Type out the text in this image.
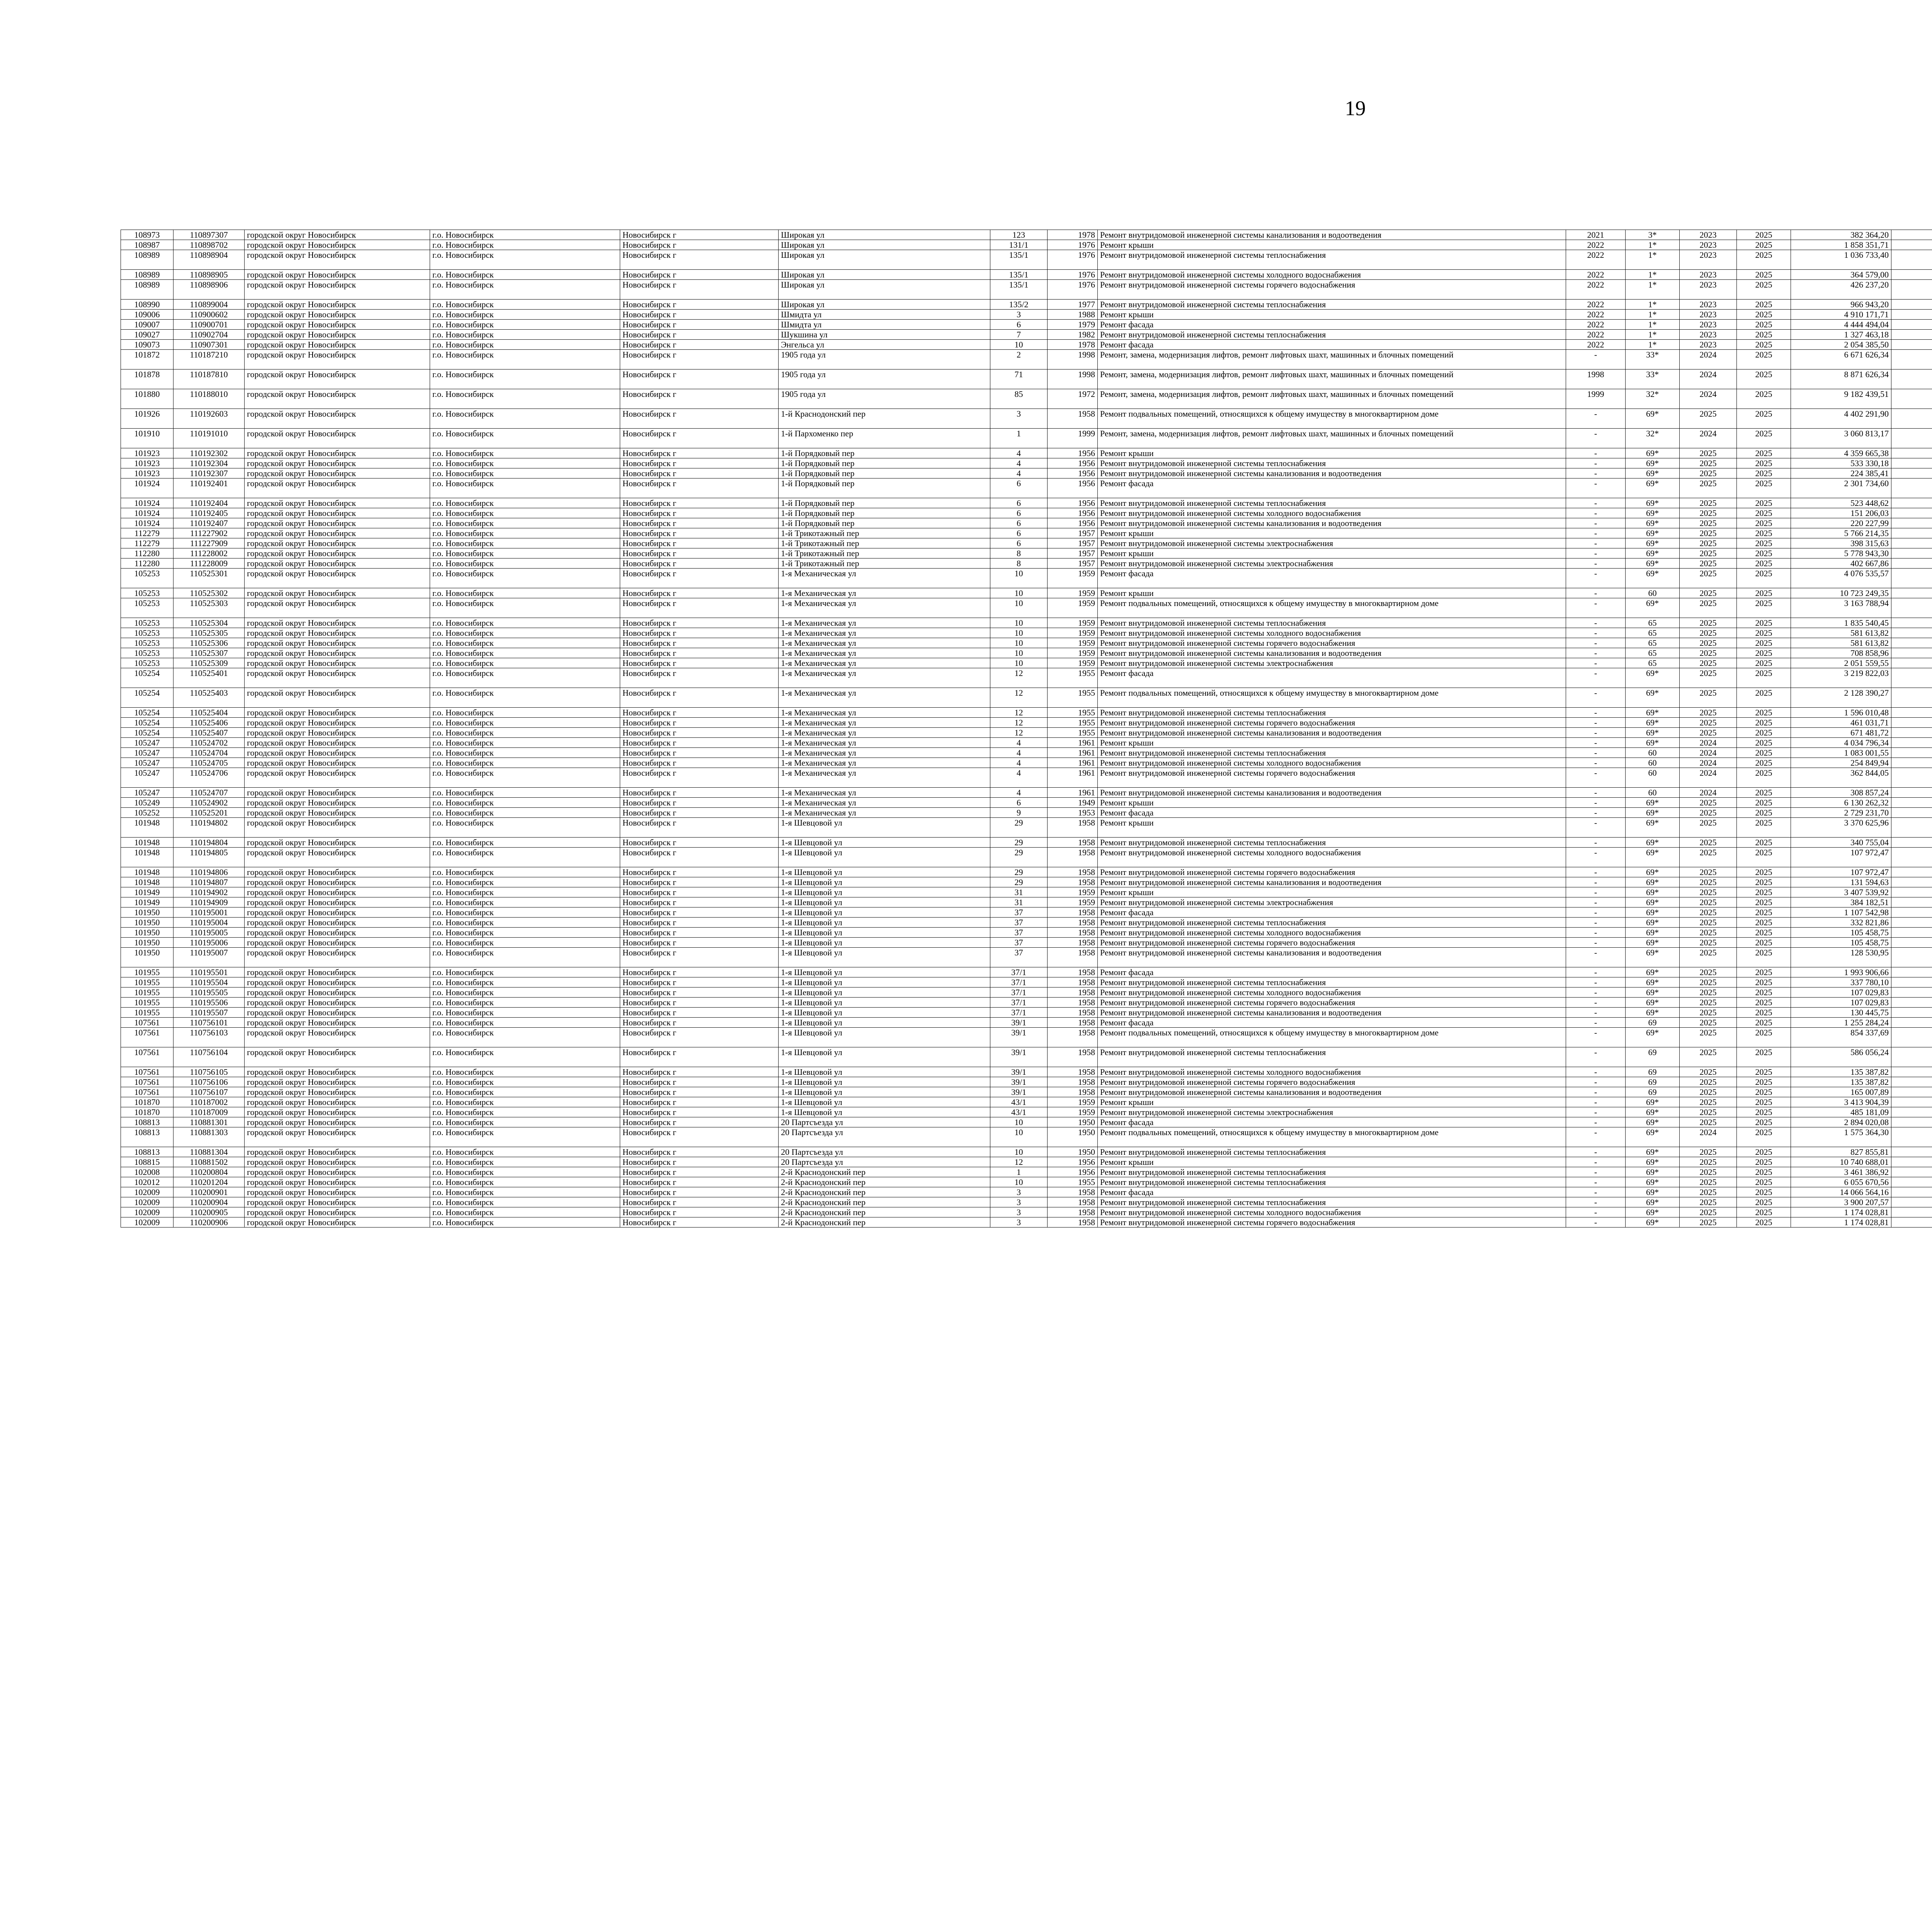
19
108973	110897307	городской округ Новосибирск	г.о. Новосибирск	Новосибирск г	Широкая ул	123	1978	Ремонт внутридомовой инженерной системы канализования и водоотведения	2021	3*	2023	2025	382 364,20						
108987	110898702	городской округ Новосибирск	г.о. Новосибирск	Новосибирск г	Широкая ул	131/1	1976	Ремонт крыши	2022	1*	2023	2025	1 858 351,71						
108989	110898904	городской округ Новосибирск	г.о. Новосибирск	Новосибирск г	Широкая ул	135/1	1976	Ремонт внутридомовой инженерной системы теплоснабжения	2022	1*	2023	2025	1 036 733,40						
108989	110898905	городской округ Новосибирск	г.о. Новосибирск	Новосибирск г	Широкая ул	135/1	1976	Ремонт внутридомовой инженерной системы холодного водоснабжения	2022	1*	2023	2025	364 579,00						
108989	110898906	городской округ Новосибирск	г.о. Новосибирск	Новосибирск г	Широкая ул	135/1	1976	Ремонт внутридомовой инженерной системы горячего водоснабжения	2022	1*	2023	2025	426 237,20						
108990	110899004	городской округ Новосибирск	г.о. Новосибирск	Новосибирск г	Широкая ул	135/2	1977	Ремонт внутридомовой инженерной системы теплоснабжения	2022	1*	2023	2025	966 943,20						
109006	110900602	городской округ Новосибирск	г.о. Новосибирск	Новосибирск г	Шмидта ул	3	1988	Ремонт крыши	2022	1*	2023	2025	4 910 171,71						
109007	110900701	городской округ Новосибирск	г.о. Новосибирск	Новосибирск г	Шмидта ул	6	1979	Ремонт фасада	2022	1*	2023	2025	4 444 494,04						
109027	110902704	городской округ Новосибирск	г.о. Новосибирск	Новосибирск г	Шукшина ул	7	1982	Ремонт внутридомовой инженерной системы теплоснабжения	2022	1*	2023	2025	1 327 463,18						
109073	110907301	городской округ Новосибирск	г.о. Новосибирск	Новосибирск г	Энгельса ул	10	1978	Ремонт фасада	2022	1*	2023	2025	2 054 385,50						
101872	110187210	городской округ Новосибирск	г.о. Новосибирск	Новосибирск г	1905 года ул	2	1998	Ремонт, замена, модернизация лифтов, ремонт лифтовых шахт, машинных и блочных помещений	-	33*	2024	2025	6 671 626,34						
101878	110187810	городской округ Новосибирск	г.о. Новосибирск	Новосибирск г	1905 года ул	71	1998	Ремонт, замена, модернизация лифтов, ремонт лифтовых шахт, машинных и блочных помещений	1998	33*	2024	2025	8 871 626,34						
101880	110188010	городской округ Новосибирск	г.о. Новосибирск	Новосибирск г	1905 года ул	85	1972	Ремонт, замена, модернизация лифтов, ремонт лифтовых шахт, машинных и блочных помещений	1999	32*	2024	2025	9 182 439,51						
101926	110192603	городской округ Новосибирск	г.о. Новосибирск	Новосибирск г	1-й Краснодонский пер	3	1958	Ремонт подвальных помещений, относящихся к общему имуществу в многоквартирном доме	-	69*	2025	2025	4 402 291,90						
101910	110191010	городской округ Новосибирск	г.о. Новосибирск	Новосибирск г	1-й Пархоменко пер	1	1999	Ремонт, замена, модернизация лифтов, ремонт лифтовых шахт, машинных и блочных помещений	-	32*	2024	2025	3 060 813,17						
101923	110192302	городской округ Новосибирск	г.о. Новосибирск	Новосибирск г	1-й Порядковый пер	4	1956	Ремонт крыши	-	69*	2025	2025	4 359 665,38						
101923	110192304	городской округ Новосибирск	г.о. Новосибирск	Новосибирск г	1-й Порядковый пер	4	1956	Ремонт внутридомовой инженерной системы теплоснабжения	-	69*	2025	2025	533 330,18						
101923	110192307	городской округ Новосибирск	г.о. Новосибирск	Новосибирск г	1-й Порядковый пер	4	1956	Ремонт внутридомовой инженерной системы канализования и водоотведения	-	69*	2025	2025	224 385,41						
101924	110192401	городской округ Новосибирск	г.о. Новосибирск	Новосибирск г	1-й Порядковый пер	6	1956	Ремонт фасада	-	69*	2025	2025	2 301 734,60						
101924	110192404	городской округ Новосибирск	г.о. Новосибирск	Новосибирск г	1-й Порядковый пер	6	1956	Ремонт внутридомовой инженерной системы теплоснабжения	-	69*	2025	2025	523 448,62						
101924	110192405	городской округ Новосибирск	г.о. Новосибирск	Новосибирск г	1-й Порядковый пер	6	1956	Ремонт внутридомовой инженерной системы холодного водоснабжения	-	69*	2025	2025	151 206,03						
101924	110192407	городской округ Новосибирск	г.о. Новосибирск	Новосибирск г	1-й Порядковый пер	6	1956	Ремонт внутридомовой инженерной системы канализования и водоотведения	-	69*	2025	2025	220 227,99						
112279	111227902	городской округ Новосибирск	г.о. Новосибирск	Новосибирск г	1-й Трикотажный пер	6	1957	Ремонт крыши	-	69*	2025	2025	5 766 214,35						
112279	111227909	городской округ Новосибирск	г.о. Новосибирск	Новосибирск г	1-й Трикотажный пер	6	1957	Ремонт внутридомовой инженерной системы электроснабжения	-	69*	2025	2025	398 315,63						
112280	111228002	городской округ Новосибирск	г.о. Новосибирск	Новосибирск г	1-й Трикотажный пер	8	1957	Ремонт крыши	-	69*	2025	2025	5 778 943,30						
112280	111228009	городской округ Новосибирск	г.о. Новосибирск	Новосибирск г	1-й Трикотажный пер	8	1957	Ремонт внутридомовой инженерной системы электроснабжения	-	69*	2025	2025	402 667,86						
105253	110525301	городской округ Новосибирск	г.о. Новосибирск	Новосибирск г	1-я Механическая ул	10	1959	Ремонт фасада	-	69*	2025	2025	4 076 535,57						
105253	110525302	городской округ Новосибирск	г.о. Новосибирск	Новосибирск г	1-я Механическая ул	10	1959	Ремонт крыши	-	60	2025	2025	10 723 249,35						
105253	110525303	городской округ Новосибирск	г.о. Новосибирск	Новосибирск г	1-я Механическая ул	10	1959	Ремонт подвальных помещений, относящихся к общему имуществу в многоквартирном доме	-	69*	2025	2025	3 163 788,94						
105253	110525304	городской округ Новосибирск	г.о. Новосибирск	Новосибирск г	1-я Механическая ул	10	1959	Ремонт внутридомовой инженерной системы теплоснабжения	-	65	2025	2025	1 835 540,45						
105253	110525305	городской округ Новосибирск	г.о. Новосибирск	Новосибирск г	1-я Механическая ул	10	1959	Ремонт внутридомовой инженерной системы холодного водоснабжения	-	65	2025	2025	581 613,82						
105253	110525306	городской округ Новосибирск	г.о. Новосибирск	Новосибирск г	1-я Механическая ул	10	1959	Ремонт внутридомовой инженерной системы горячего водоснабжения	-	65	2025	2025	581 613,82						
105253	110525307	городской округ Новосибирск	г.о. Новосибирск	Новосибирск г	1-я Механическая ул	10	1959	Ремонт внутридомовой инженерной системы канализования и водоотведения	-	65	2025	2025	708 858,96						
105253	110525309	городской округ Новосибирск	г.о. Новосибирск	Новосибирск г	1-я Механическая ул	10	1959	Ремонт внутридомовой инженерной системы электроснабжения	-	65	2025	2025	2 051 559,55						
105254	110525401	городской округ Новосибирск	г.о. Новосибирск	Новосибирск г	1-я Механическая ул	12	1955	Ремонт фасада	-	69*	2025	2025	3 219 822,03						
105254	110525403	городской округ Новосибирск	г.о. Новосибирск	Новосибирск г	1-я Механическая ул	12	1955	Ремонт подвальных помещений, относящихся к общему имуществу в многоквартирном доме	-	69*	2025	2025	2 128 390,27						
105254	110525404	городской округ Новосибирск	г.о. Новосибирск	Новосибирск г	1-я Механическая ул	12	1955	Ремонт внутридомовой инженерной системы теплоснабжения	-	69*	2025	2025	1 596 010,48						
105254	110525406	городской округ Новосибирск	г.о. Новосибирск	Новосибирск г	1-я Механическая ул	12	1955	Ремонт внутридомовой инженерной системы горячего водоснабжения	-	69*	2025	2025	461 031,71						
105254	110525407	городской округ Новосибирск	г.о. Новосибирск	Новосибирск г	1-я Механическая ул	12	1955	Ремонт внутридомовой инженерной системы канализования и водоотведения	-	69*	2025	2025	671 481,72						
105247	110524702	городской округ Новосибирск	г.о. Новосибирск	Новосибирск г	1-я Механическая ул	4	1961	Ремонт крыши	-	69*	2024	2025	4 034 796,34						
105247	110524704	городской округ Новосибирск	г.о. Новосибирск	Новосибирск г	1-я Механическая ул	4	1961	Ремонт внутридомовой инженерной системы теплоснабжения	-	60	2024	2025	1 083 001,55						
105247	110524705	городской округ Новосибирск	г.о. Новосибирск	Новосибирск г	1-я Механическая ул	4	1961	Ремонт внутридомовой инженерной системы холодного водоснабжения	-	60	2024	2025	254 849,94						
105247	110524706	городской округ Новосибирск	г.о. Новосибирск	Новосибирск г	1-я Механическая ул	4	1961	Ремонт внутридомовой инженерной системы горячего водоснабжения	-	60	2024	2025	362 844,05						
105247	110524707	городской округ Новосибирск	г.о. Новосибирск	Новосибирск г	1-я Механическая ул	4	1961	Ремонт внутридомовой инженерной системы канализования и водоотведения	-	60	2024	2025	308 857,24						
105249	110524902	городской округ Новосибирск	г.о. Новосибирск	Новосибирск г	1-я Механическая ул	6	1949	Ремонт крыши	-	69*	2025	2025	6 130 262,32						
105252	110525201	городской округ Новосибирск	г.о. Новосибирск	Новосибирск г	1-я Механическая ул	9	1953	Ремонт фасада	-	69*	2025	2025	2 729 231,70						
101948	110194802	городской округ Новосибирск	г.о. Новосибирск	Новосибирск г	1-я Шевцовой ул	29	1958	Ремонт крыши	-	69*	2025	2025	3 370 625,96						
101948	110194804	городской округ Новосибирск	г.о. Новосибирск	Новосибирск г	1-я Шевцовой ул	29	1958	Ремонт внутридомовой инженерной системы теплоснабжения	-	69*	2025	2025	340 755,04						
101948	110194805	городской округ Новосибирск	г.о. Новосибирск	Новосибирск г	1-я Шевцовой ул	29	1958	Ремонт внутридомовой инженерной системы холодного водоснабжения	-	69*	2025	2025	107 972,47						
101948	110194806	городской округ Новосибирск	г.о. Новосибирск	Новосибирск г	1-я Шевцовой ул	29	1958	Ремонт внутридомовой инженерной системы горячего водоснабжения	-	69*	2025	2025	107 972,47						
101948	110194807	городской округ Новосибирск	г.о. Новосибирск	Новосибирск г	1-я Шевцовой ул	29	1958	Ремонт внутридомовой инженерной системы канализования и водоотведения	-	69*	2025	2025	131 594,63						
101949	110194902	городской округ Новосибирск	г.о. Новосибирск	Новосибирск г	1-я Шевцовой ул	31	1959	Ремонт крыши	-	69*	2025	2025	3 407 539,92						
101949	110194909	городской округ Новосибирск	г.о. Новосибирск	Новосибирск г	1-я Шевцовой ул	31	1959	Ремонт внутридомовой инженерной системы электроснабжения	-	69*	2025	2025	384 182,51						
101950	110195001	городской округ Новосибирск	г.о. Новосибирск	Новосибирск г	1-я Шевцовой ул	37	1958	Ремонт фасада	-	69*	2025	2025	1 107 542,98						
101950	110195004	городской округ Новосибирск	г.о. Новосибирск	Новосибирск г	1-я Шевцовой ул	37	1958	Ремонт внутридомовой инженерной системы теплоснабжения	-	69*	2025	2025	332 821,86						
101950	110195005	городской округ Новосибирск	г.о. Новосибирск	Новосибирск г	1-я Шевцовой ул	37	1958	Ремонт внутридомовой инженерной системы холодного водоснабжения	-	69*	2025	2025	105 458,75						
101950	110195006	городской округ Новосибирск	г.о. Новосибирск	Новосибирск г	1-я Шевцовой ул	37	1958	Ремонт внутридомовой инженерной системы горячего водоснабжения	-	69*	2025	2025	105 458,75						
101950	110195007	городской округ Новосибирск	г.о. Новосибирск	Новосибирск г	1-я Шевцовой ул	37	1958	Ремонт внутридомовой инженерной системы канализования и водоотведения	-	69*	2025	2025	128 530,95						
101955	110195501	городской округ Новосибирск	г.о. Новосибирск	Новосибирск г	1-я Шевцовой ул	37/1	1958	Ремонт фасада	-	69*	2025	2025	1 993 906,66						
101955	110195504	городской округ Новосибирск	г.о. Новосибирск	Новосибирск г	1-я Шевцовой ул	37/1	1958	Ремонт внутридомовой инженерной системы теплоснабжения	-	69*	2025	2025	337 780,10						
101955	110195505	городской округ Новосибирск	г.о. Новосибирск	Новосибирск г	1-я Шевцовой ул	37/1	1958	Ремонт внутридомовой инженерной системы холодного водоснабжения	-	69*	2025	2025	107 029,83						
101955	110195506	городской округ Новосибирск	г.о. Новосибирск	Новосибирск г	1-я Шевцовой ул	37/1	1958	Ремонт внутридомовой инженерной системы горячего водоснабжения	-	69*	2025	2025	107 029,83						
101955	110195507	городской округ Новосибирск	г.о. Новосибирск	Новосибирск г	1-я Шевцовой ул	37/1	1958	Ремонт внутридомовой инженерной системы канализования и водоотведения	-	69*	2025	2025	130 445,75						
107561	110756101	городской округ Новосибирск	г.о. Новосибирск	Новосибирск г	1-я Шевцовой ул	39/1	1958	Ремонт фасада	-	69	2025	2025	1 255 284,24						
107561	110756103	городской округ Новосибирск	г.о. Новосибирск	Новосибирск г	1-я Шевцовой ул	39/1	1958	Ремонт подвальных помещений, относящихся к общему имуществу в многоквартирном доме	-	69*	2025	2025	854 337,69						
107561	110756104	городской округ Новосибирск	г.о. Новосибирск	Новосибирск г	1-я Шевцовой ул	39/1	1958	Ремонт внутридомовой инженерной системы теплоснабжения	-	69	2025	2025	586 056,24						
107561	110756105	городской округ Новосибирск	г.о. Новосибирск	Новосибирск г	1-я Шевцовой ул	39/1	1958	Ремонт внутридомовой инженерной системы холодного водоснабжения	-	69	2025	2025	135 387,82						
107561	110756106	городской округ Новосибирск	г.о. Новосибирск	Новосибирск г	1-я Шевцовой ул	39/1	1958	Ремонт внутридомовой инженерной системы горячего водоснабжения	-	69	2025	2025	135 387,82						
107561	110756107	городской округ Новосибирск	г.о. Новосибирск	Новосибирск г	1-я Шевцовой ул	39/1	1958	Ремонт внутридомовой инженерной системы канализования и водоотведения	-	69	2025	2025	165 007,89						
101870	110187002	городской округ Новосибирск	г.о. Новосибирск	Новосибирск г	1-я Шевцовой ул	43/1	1959	Ремонт крыши	-	69*	2025	2025	3 413 904,39						
101870	110187009	городской округ Новосибирск	г.о. Новосибирск	Новосибирск г	1-я Шевцовой ул	43/1	1959	Ремонт внутридомовой инженерной системы электроснабжения	-	69*	2025	2025	485 181,09						
108813	110881301	городской округ Новосибирск	г.о. Новосибирск	Новосибирск г	20 Партсъезда ул	10	1950	Ремонт фасада	-	69*	2025	2025	2 894 020,08						
108813	110881303	городской округ Новосибирск	г.о. Новосибирск	Новосибирск г	20 Партсъезда ул	10	1950	Ремонт подвальных помещений, относящихся к общему имуществу в многоквартирном доме	-	69*	2024	2025	1 575 364,30						
108813	110881304	городской округ Новосибирск	г.о. Новосибирск	Новосибирск г	20 Партсъезда ул	10	1950	Ремонт внутридомовой инженерной системы теплоснабжения	-	69*	2025	2025	827 855,81						
108815	110881502	городской округ Новосибирск	г.о. Новосибирск	Новосибирск г	20 Партсъезда ул	12	1956	Ремонт крыши	-	69*	2025	2025	10 740 688,01						
102008	110200804	городской округ Новосибирск	г.о. Новосибирск	Новосибирск г	2-й Краснодонский пер	1	1956	Ремонт внутридомовой инженерной системы теплоснабжения	-	69*	2025	2025	3 461 386,92						
102012	110201204	городской округ Новосибирск	г.о. Новосибирск	Новосибирск г	2-й Краснодонский пер	10	1955	Ремонт внутридомовой инженерной системы теплоснабжения	-	69*	2025	2025	6 055 670,56						
102009	110200901	городской округ Новосибирск	г.о. Новосибирск	Новосибирск г	2-й Краснодонский пер	3	1958	Ремонт фасада	-	69*	2025	2025	14 066 564,16						
102009	110200904	городской округ Новосибирск	г.о. Новосибирск	Новосибирск г	2-й Краснодонский пер	3	1958	Ремонт внутридомовой инженерной системы теплоснабжения	-	69*	2025	2025	3 900 207,57						
102009	110200905	городской округ Новосибирск	г.о. Новосибирск	Новосибирск г	2-й Краснодонский пер	3	1958	Ремонт внутридомовой инженерной системы холодного водоснабжения	-	69*	2025	2025	1 174 028,81						
102009	110200906	городской округ Новосибирск	г.о. Новосибирск	Новосибирск г	2-й Краснодонский пер	3	1958	Ремонт внутридомовой инженерной системы горячего водоснабжения	-	69*	2025	2025	1 174 028,81						
